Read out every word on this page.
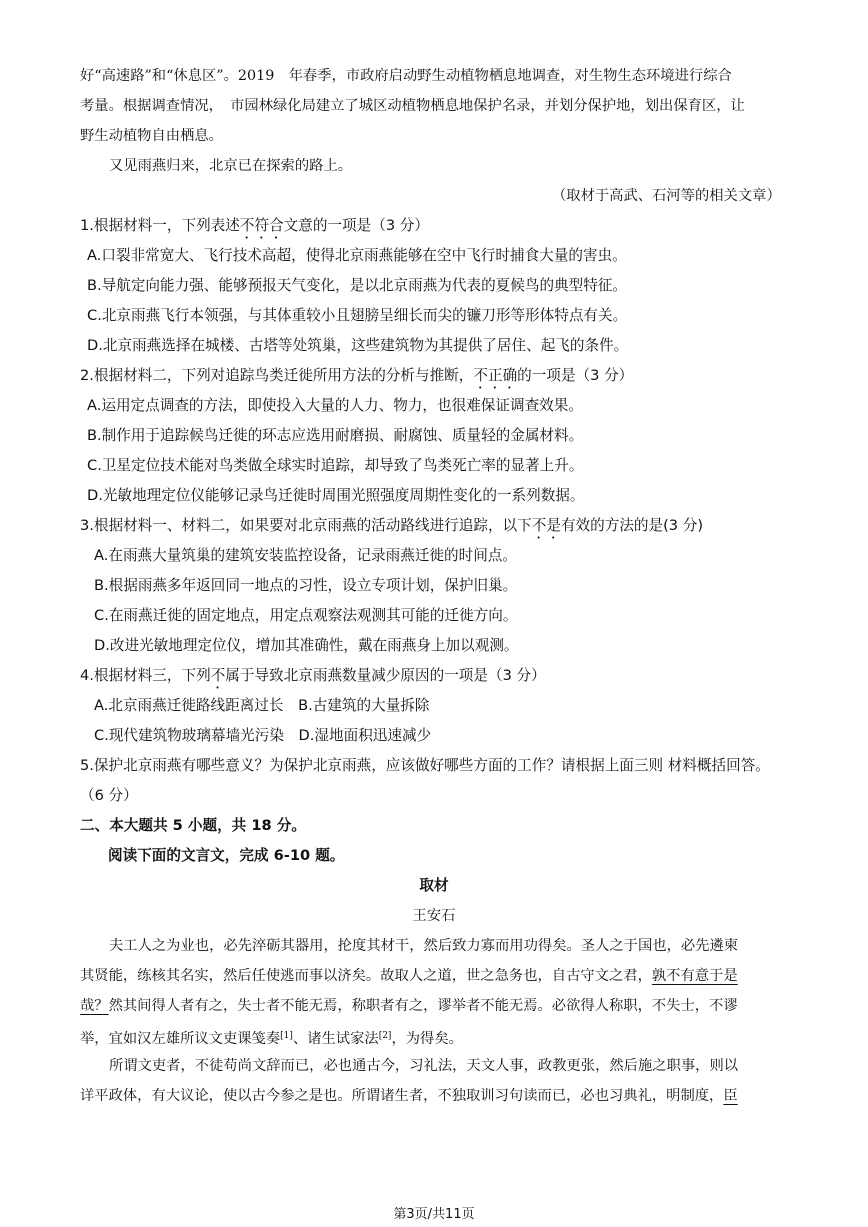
好“高速路”和“休息区”。2019　年春季，市政府启动野生动植物栖息地调查，对生物生态环境进行综合
考量。根据调查情况，　市园林绿化局建立了城区动植物栖息地保护名录，并划分保护地，划出保育区，让
野生动植物自由栖息。
又见雨燕归来，北京已在探索的路上。
（取材于高武、石河等的相关文章）
1.根据材料一，下列表述不符合文意的一项是（3 分）
A.口裂非常宽大、飞行技术高超，使得北京雨燕能够在空中飞行时捕食大量的害虫。
B.导航定向能力强、能够预报天气变化，是以北京雨燕为代表的夏候鸟的典型特征。
C.北京雨燕飞行本领强，与其体重较小且翅膀呈细长而尖的镰刀形等形体特点有关。
D.北京雨燕选择在城楼、古塔等处筑巢，这些建筑物为其提供了居住、起飞的条件。
2.根据材料二，下列对追踪鸟类迁徙所用方法的分析与推断，不正确的一项是（3 分）
A.运用定点调查的方法，即使投入大量的人力、物力，也很难保证调查效果。
B.制作用于追踪候鸟迁徙的环志应选用耐磨损、耐腐蚀、质量轻的金属材料。
C.卫星定位技术能对鸟类做全球实时追踪，却导致了鸟类死亡率的显著上升。
D.光敏地理定位仪能够记录鸟迁徙时周围光照强度周期性变化的一系列数据。
3.根据材料一、材料二，如果要对北京雨燕的活动路线进行追踪，以下不是有效的方法的是(3 分)
A.在雨燕大量筑巢的建筑安装监控设备，记录雨燕迁徙的时间点。
B.根据雨燕多年返回同一地点的习性，设立专项计划，保护旧巢。
C.在雨燕迁徙的固定地点，用定点观察法观测其可能的迁徙方向。
D.改进光敏地理定位仪，增加其准确性，戴在雨燕身上加以观测。
4.根据材料三，下列不属于导致北京雨燕数量减少原因的一项是（3 分）
A.北京雨燕迁徙路线距离过长　B.古建筑的大量拆除
C.现代建筑物玻璃幕墙光污染　D.湿地面积迅速减少
5.保护北京雨燕有哪些意义？为保护北京雨燕，应该做好哪些方面的工作？请根据上面三则 材料概括回答。
（6 分）
二、本大题共 5 小题，共 18 分。
阅读下面的文言文，完成 6-10 题。
取材
王安石
夫工人之为业也，必先淬砺其器用，抡度其材干，然后致力寡而用功得矣。圣人之于国也，必先遴柬
其贤能，练核其名实，然后任使逃而事以济矣。故取人之道，世之急务也，自古守文之君，孰不有意于是
哉？然其间得人者有之，失士者不能无焉，称职者有之，谬举者不能无焉。必欲得人称职，不失士，不谬
举，宜如汉左雄所议文吏课笺奏[1]、诸生试家法[2]，为得矣。
所谓文吏者，不徒苟尚文辞而已，必也通古今，习礼法，天文人事，政教更张，然后施之职事，则以
详平政体，有大议论，使以古今参之是也。所谓诸生者，不独取训习句读而已，必也习典礼，明制度，臣
第3页/共11页
